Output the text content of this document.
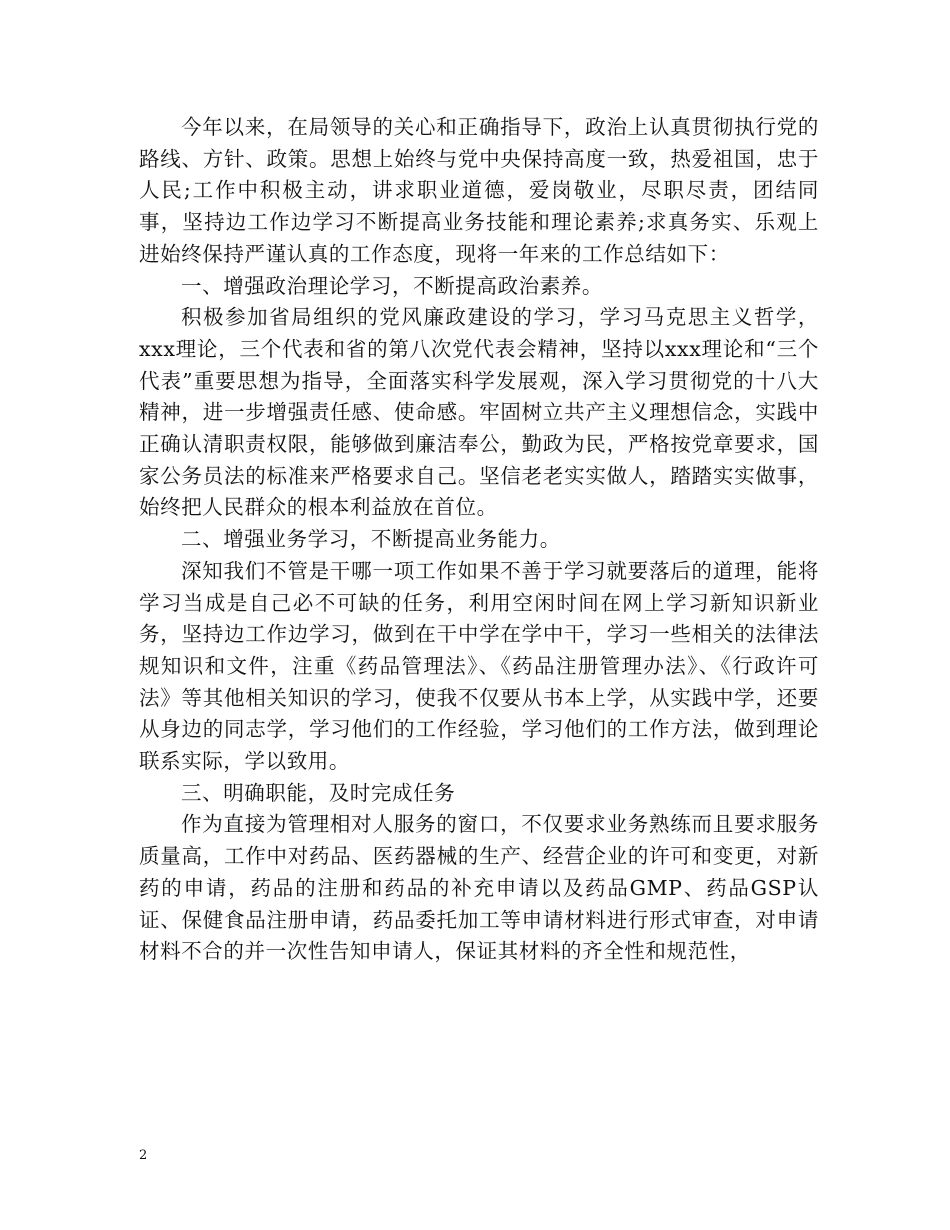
今年以来，在局领导的关心和正确指导下，政治上认真贯彻执行党的路线、方针、政策。思想上始终与党中央保持高度一致，热爱祖国，忠于人民;工作中积极主动，讲求职业道德，爱岗敬业，尽职尽责，团结同事，坚持边工作边学习不断提高业务技能和理论素养;求真务实、乐观上进始终保持严谨认真的工作态度，现将一年来的工作总结如下：

一、增强政治理论学习，不断提高政治素养。

积极参加省局组织的党风廉政建设的学习，学习马克思主义哲学，xxx理论，三个代表和省的第八次党代表会精神，坚持以xxx理论和“三个代表”重要思想为指导，全面落实科学发展观，深入学习贯彻党的十八大精神，进一步增强责任感、使命感。牢固树立共产主义理想信念，实践中正确认清职责权限，能够做到廉洁奉公，勤政为民，严格按党章要求，国家公务员法的标准来严格要求自己。坚信老老实实做人，踏踏实实做事，始终把人民群众的根本利益放在首位。

二、增强业务学习，不断提高业务能力。

深知我们不管是干哪一项工作如果不善于学习就要落后的道理，能将学习当成是自己必不可缺的任务，利用空闲时间在网上学习新知识新业务，坚持边工作边学习，做到在干中学在学中干，学习一些相关的法律法规知识和文件，注重《药品管理法》、《药品注册管理办法》、《行政许可法》等其他相关知识的学习，使我不仅要从书本上学，从实践中学，还要从身边的同志学，学习他们的工作经验，学习他们的工作方法，做到理论联系实际，学以致用。

三、明确职能，及时完成任务

作为直接为管理相对人服务的窗口，不仅要求业务熟练而且要求服务质量高，工作中对药品、医药器械的生产、经营企业的许可和变更，对新药的申请，药品的注册和药品的补充申请以及药品GMP、药品GSP认证、保健食品注册申请，药品委托加工等申请材料进行形式审查，对申请材料不合的并一次性告知申请人，保证其材料的齐全性和规范性，

2
